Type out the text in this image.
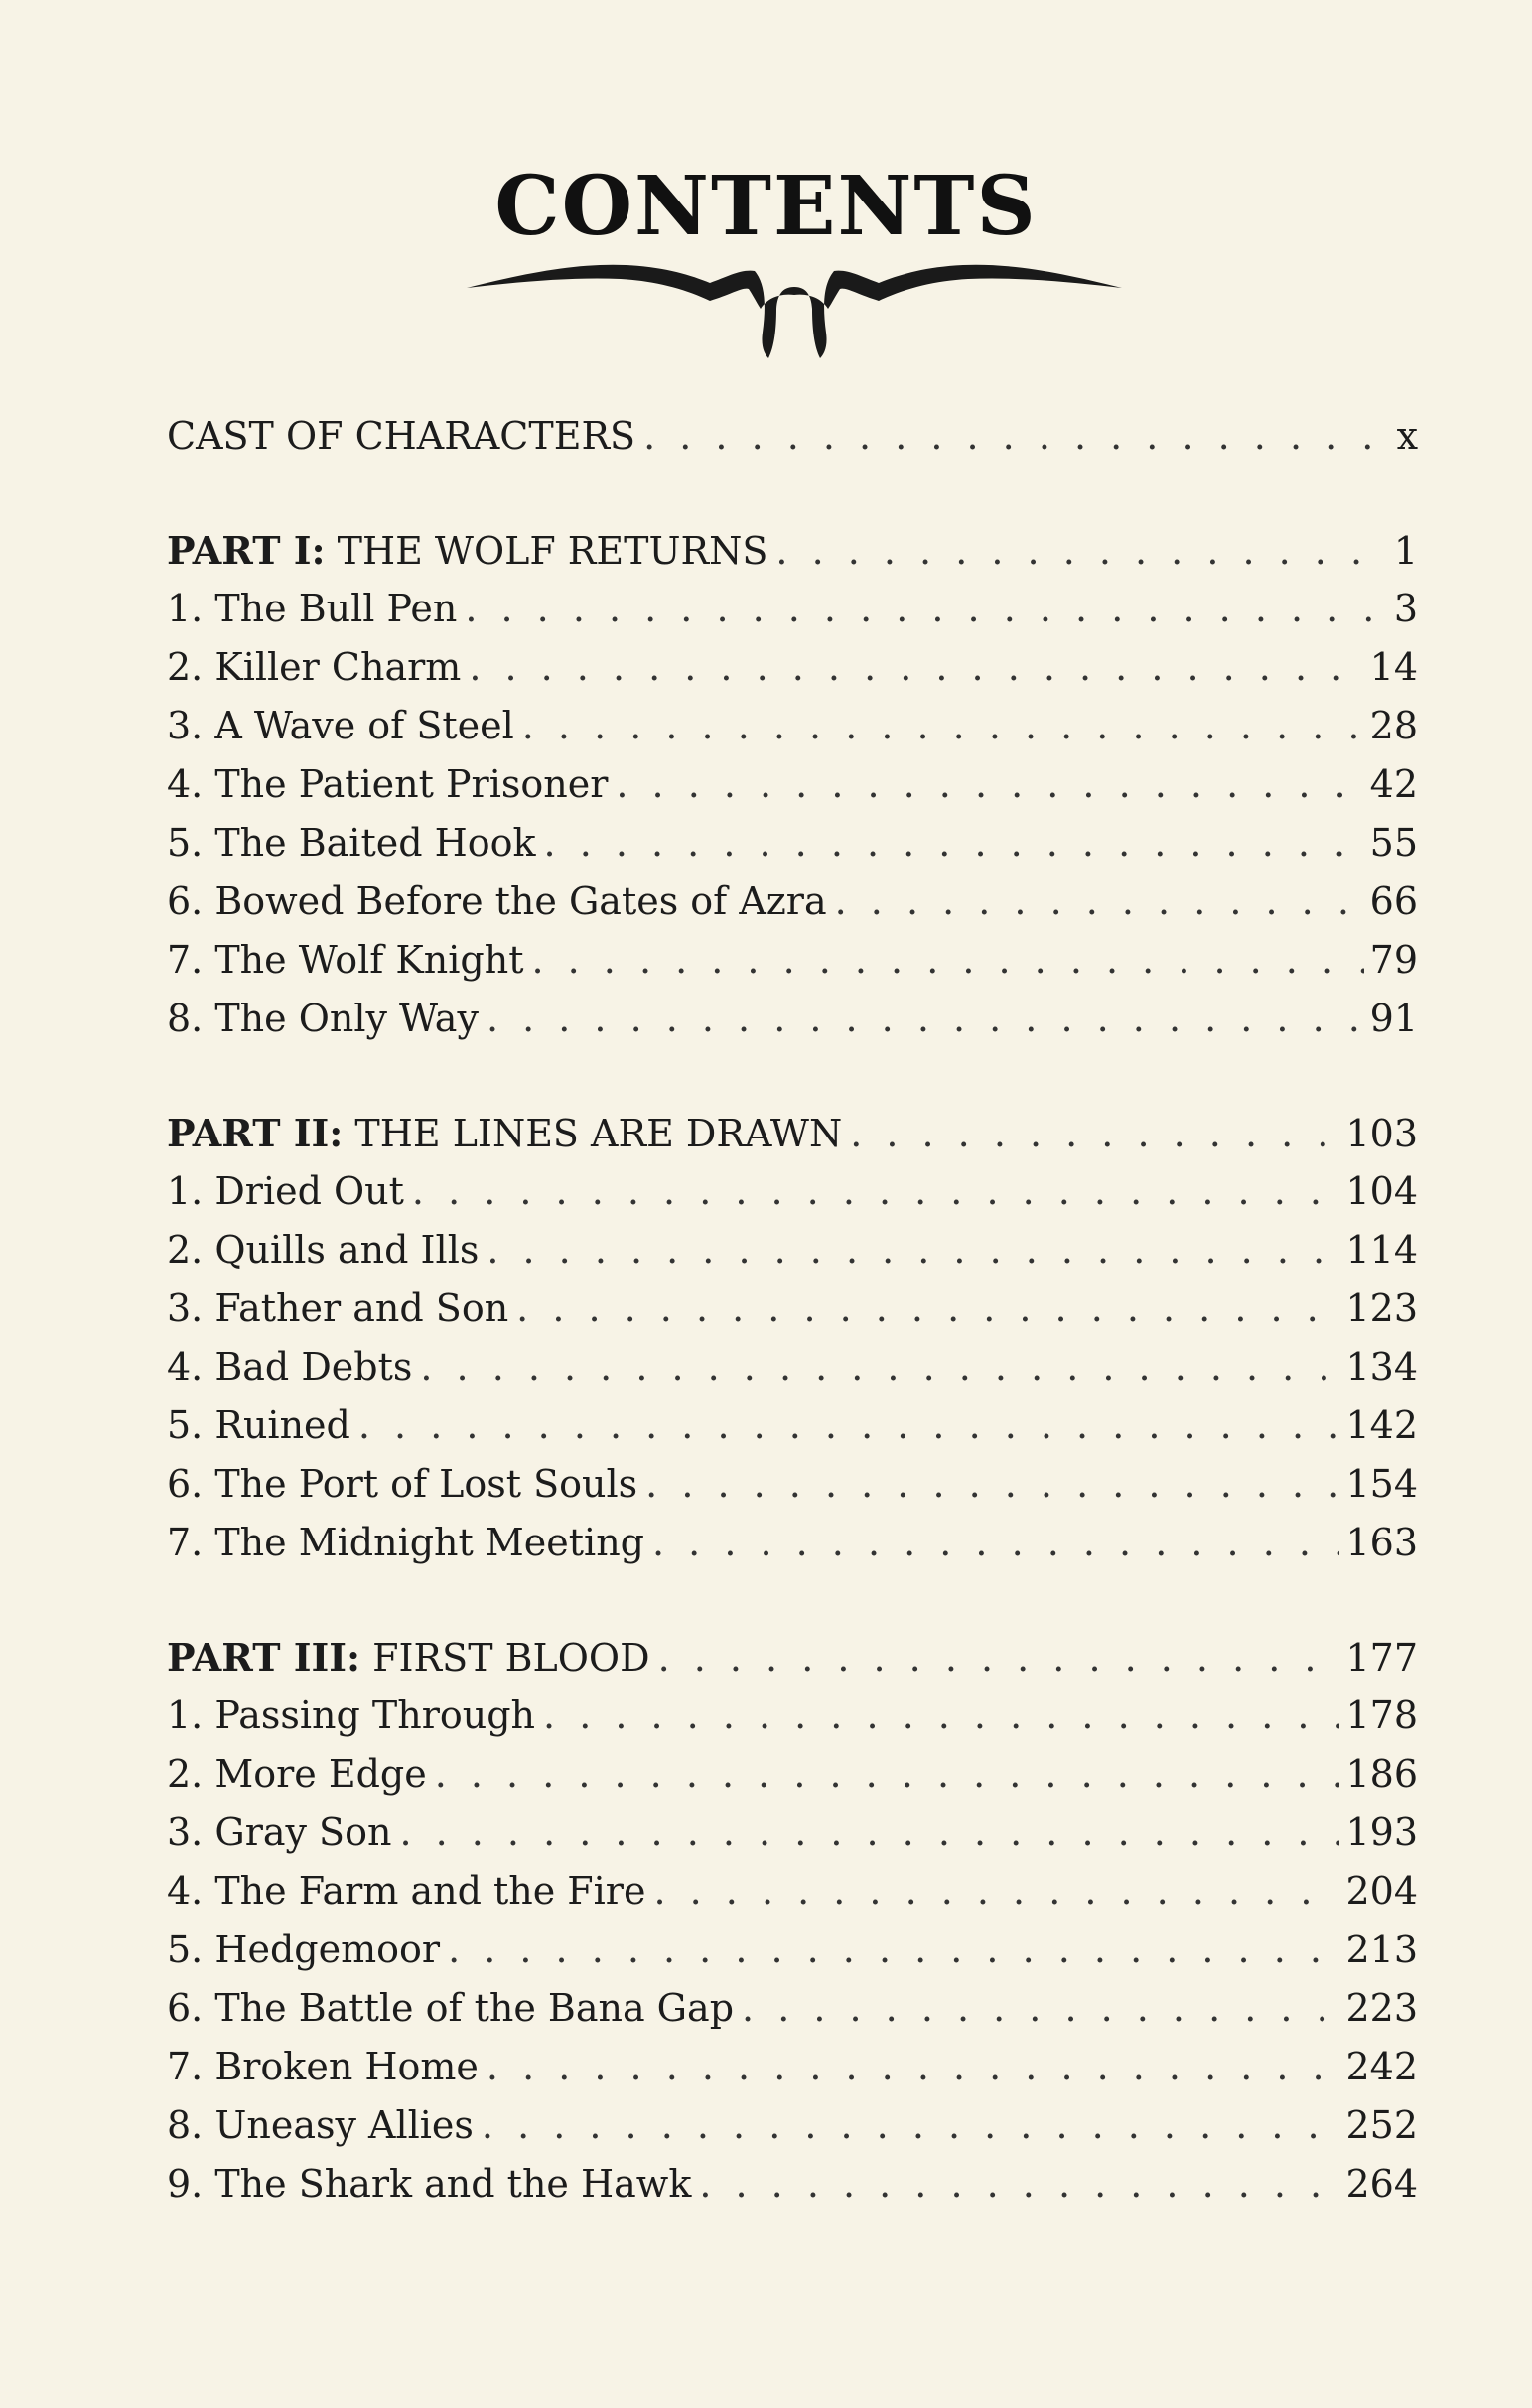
CONTENTS
CAST OF CHARACTERS . . .	x
PART I: THE WOLF RETURNS . . .	1
1. The Bull Pen . . .	3
2. Killer Charm . . .	14
3. A Wave of Steel . . .	28
4. The Patient Prisoner . . .	42
5. The Baited Hook . . .	55
6. Bowed Before the Gates of Azra . . .	66
7. The Wolf Knight . . .	79
8. The Only Way . . .	91
PART II: THE LINES ARE DRAWN . . .	103
1. Dried Out . . .	104
2. Quills and Ills . . .	114
3. Father and Son . . .	123
4. Bad Debts . . .	134
5. Ruined . . .	142
6. The Port of Lost Souls . . .	154
7. The Midnight Meeting . . .	163
PART III: FIRST BLOOD . . .	177
1. Passing Through . . .	178
2. More Edge . . .	186
3. Gray Son . . .	193
4. The Farm and the Fire . . .	204
5. Hedgemoor . . .	213
6. The Battle of the Bana Gap . . .	223
7. Broken Home . . .	242
8. Uneasy Allies . . .	252
9. The Shark and the Hawk . . .	264
